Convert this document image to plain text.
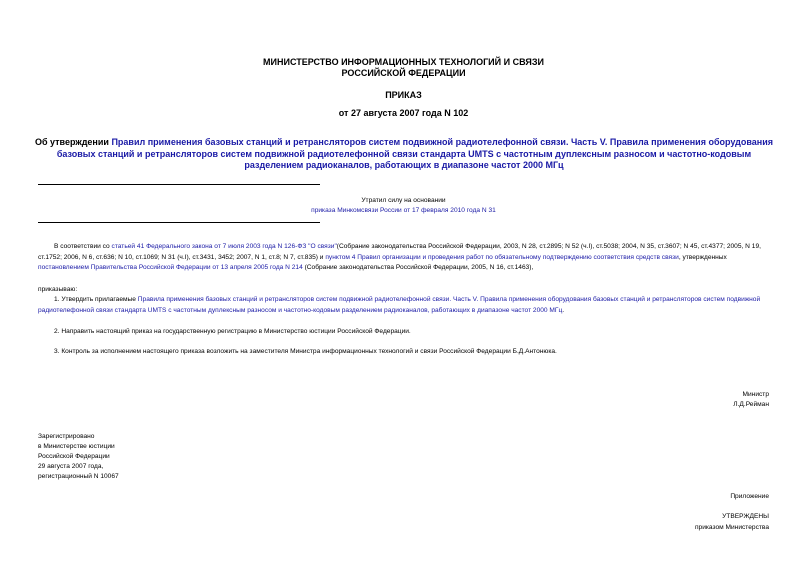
МИНИСТЕРСТВО ИНФОРМАЦИОННЫХ ТЕХНОЛОГИЙ И СВЯЗИ
РОССИЙСКОЙ ФЕДЕРАЦИИ
ПРИКАЗ
от 27 августа 2007 года N 102
Об утверждении Правил применения базовых станций и ретрансляторов систем подвижной радиотелефонной связи. Часть V. Правила применения оборудования базовых станций и ретрансляторов систем подвижной радиотелефонной связи стандарта UMTS с частотным дуплексным разносом и частотно-кодовым разделением радиоканалов, работающих в диапазоне частот 2000 МГц
Утратил силу на основании
приказа Минкомсвязи России от 17 февраля 2010 года N 31
В соответствии со статьей 41 Федерального закона от 7 июля 2003 года N 126-ФЗ "О связи"(Собрание законодательства Российской Федерации, 2003, N 28, ст.2895; N 52 (ч.I), ст.5038; 2004, N 35, ст.3607; N 45, ст.4377; 2005, N 19, ст.1752; 2006, N 6, ст.636; N 10, ст.1069; N 31 (ч.I), ст.3431, 3452; 2007, N 1, ст.8; N 7, ст.835) и пунктом 4 Правил организации и проведения работ по обязательному подтверждению соответствия средств связи, утвержденных постановлением Правительства Российской Федерации от 13 апреля 2005 года N 214 (Собрание законодательства Российской Федерации, 2005, N 16, ст.1463),
приказываю:
1. Утвердить прилагаемые Правила применения базовых станций и ретрансляторов систем подвижной радиотелефонной связи. Часть V. Правила применения оборудования базовых станций и ретрансляторов систем подвижной радиотелефонной связи стандарта UMTS с частотным дуплексным разносом и частотно-кодовым разделением радиоканалов, работающих в диапазоне частот 2000 МГц.
2. Направить настоящий приказ на государственную регистрацию в Министерство юстиции Российской Федерации.
3. Контроль за исполнением настоящего приказа возложить на заместителя Министра информационных технологий и связи Российской Федерации Б.Д.Антонюка.
Министр
Л.Д.Рейман
Зарегистрировано
в Министерстве юстиции
Российской Федерации
29 августа 2007 года,
регистрационный N 10067
Приложение
УТВЕРЖДЕНЫ
приказом Министерства
